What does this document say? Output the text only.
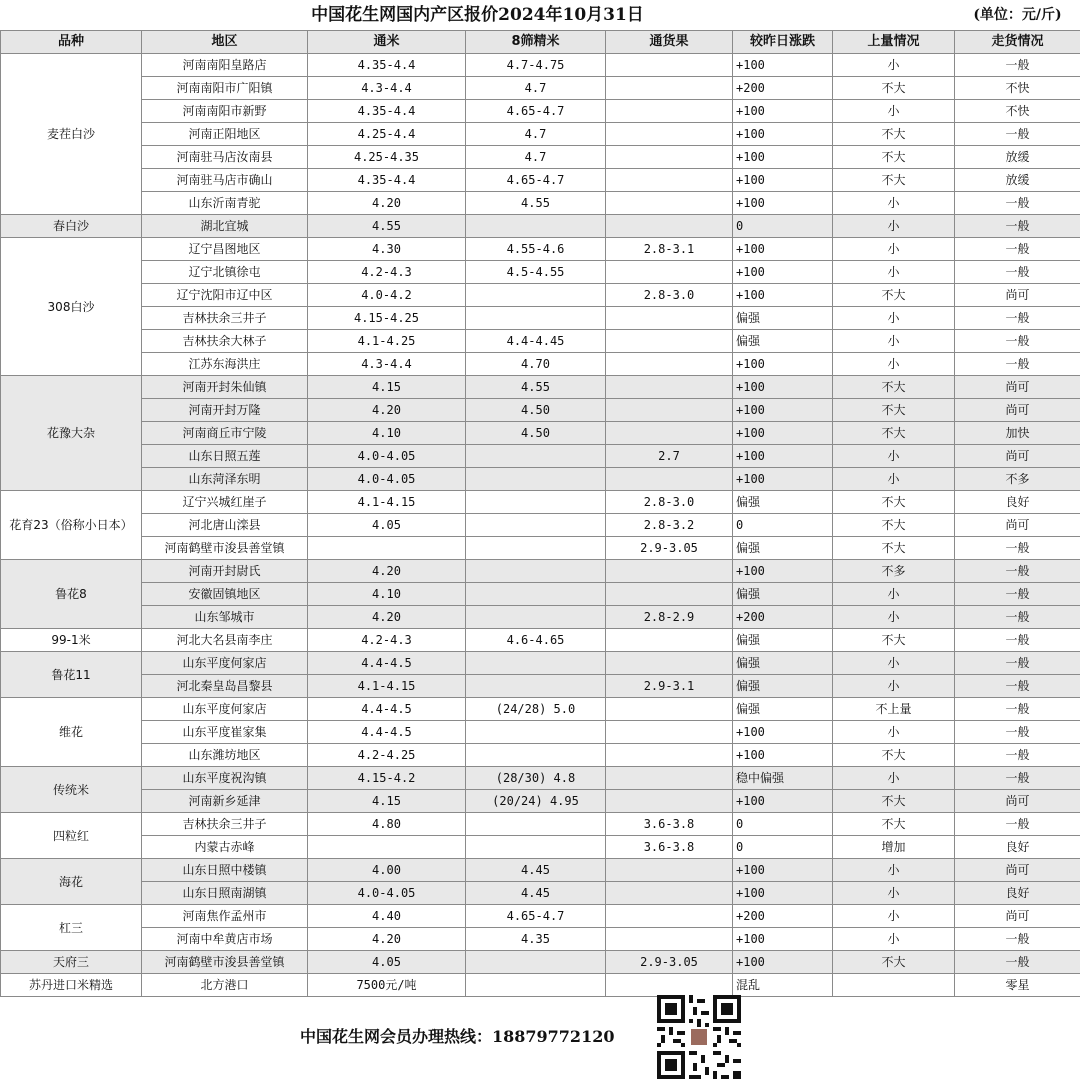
中国花生网国内产区报价2024年10月31日	(单位：元/斤)
品种	地区	通米	8筛精米	通货果	较昨日涨跌	上量情况	走货情况
麦茬白沙	河南南阳皇路店	4.35-4.4	4.7-4.75		+100	小	一般
	河南南阳市广阳镇	4.3-4.4	4.7		+200	不大	不快
	河南南阳市新野	4.35-4.4	4.65-4.7		+100	小	不快
	河南正阳地区	4.25-4.4	4.7		+100	不大	一般
	河南驻马店汝南县	4.25-4.35	4.7		+100	不大	放缓
	河南驻马店市确山	4.35-4.4	4.65-4.7		+100	不大	放缓
	山东沂南青驼	4.20	4.55		+100	小	一般
春白沙	湖北宜城	4.55			0	小	一般
308白沙	辽宁昌图地区	4.30	4.55-4.6	2.8-3.1	+100	小	一般
	辽宁北镇徐屯	4.2-4.3	4.5-4.55		+100	小	一般
	辽宁沈阳市辽中区	4.0-4.2		2.8-3.0	+100	不大	尚可
	吉林扶余三井子	4.15-4.25			偏强	小	一般
	吉林扶余大林子	4.1-4.25	4.4-4.45		偏强	小	一般
	江苏东海洪庄	4.3-4.4	4.70		+100	小	一般
花豫大杂	河南开封朱仙镇	4.15	4.55		+100	不大	尚可
	河南开封万隆	4.20	4.50		+100	不大	尚可
	河南商丘市宁陵	4.10	4.50		+100	不大	加快
	山东日照五莲	4.0-4.05		2.7	+100	小	尚可
	山东菏泽东明	4.0-4.05			+100	小	不多
花育23（俗称小日本）	辽宁兴城红崖子	4.1-4.15		2.8-3.0	偏强	不大	良好
	河北唐山滦县	4.05		2.8-3.2	0	不大	尚可
	河南鹤壁市浚县善堂镇			2.9-3.05	偏强	不大	一般
鲁花8	河南开封尉氏	4.20			+100	不多	一般
	安徽固镇地区	4.10			偏强	小	一般
	山东邹城市	4.20		2.8-2.9	+200	小	一般
99-1米	河北大名县南李庄	4.2-4.3	4.6-4.65		偏强	不大	一般
鲁花11	山东平度何家店	4.4-4.5			偏强	小	一般
	河北秦皇岛昌黎县	4.1-4.15		2.9-3.1	偏强	小	一般
维花	山东平度何家店	4.4-4.5	(24/28) 5.0		偏强	不上量	一般
	山东平度崔家集	4.4-4.5			+100	小	一般
	山东潍坊地区	4.2-4.25			+100	不大	一般
传统米	山东平度祝沟镇	4.15-4.2	(28/30) 4.8		稳中偏强	小	一般
	河南新乡延津	4.15	(20/24) 4.95		+100	不大	尚可
四粒红	吉林扶余三井子	4.80		3.6-3.8	0	不大	一般
	内蒙古赤峰			3.6-3.8	0	增加	良好
海花	山东日照中楼镇	4.00	4.45		+100	小	尚可
	山东日照南湖镇	4.0-4.05	4.45		+100	小	良好
杠三	河南焦作孟州市	4.40	4.65-4.7		+200	小	尚可
	河南中牟黄店市场	4.20	4.35		+100	小	一般
天府三	河南鹤壁市浚县善堂镇	4.05		2.9-3.05	+100	不大	一般
苏丹进口米精选	北方港口	7500元/吨			混乱		零星
中国花生网会员办理热线：18879772120
